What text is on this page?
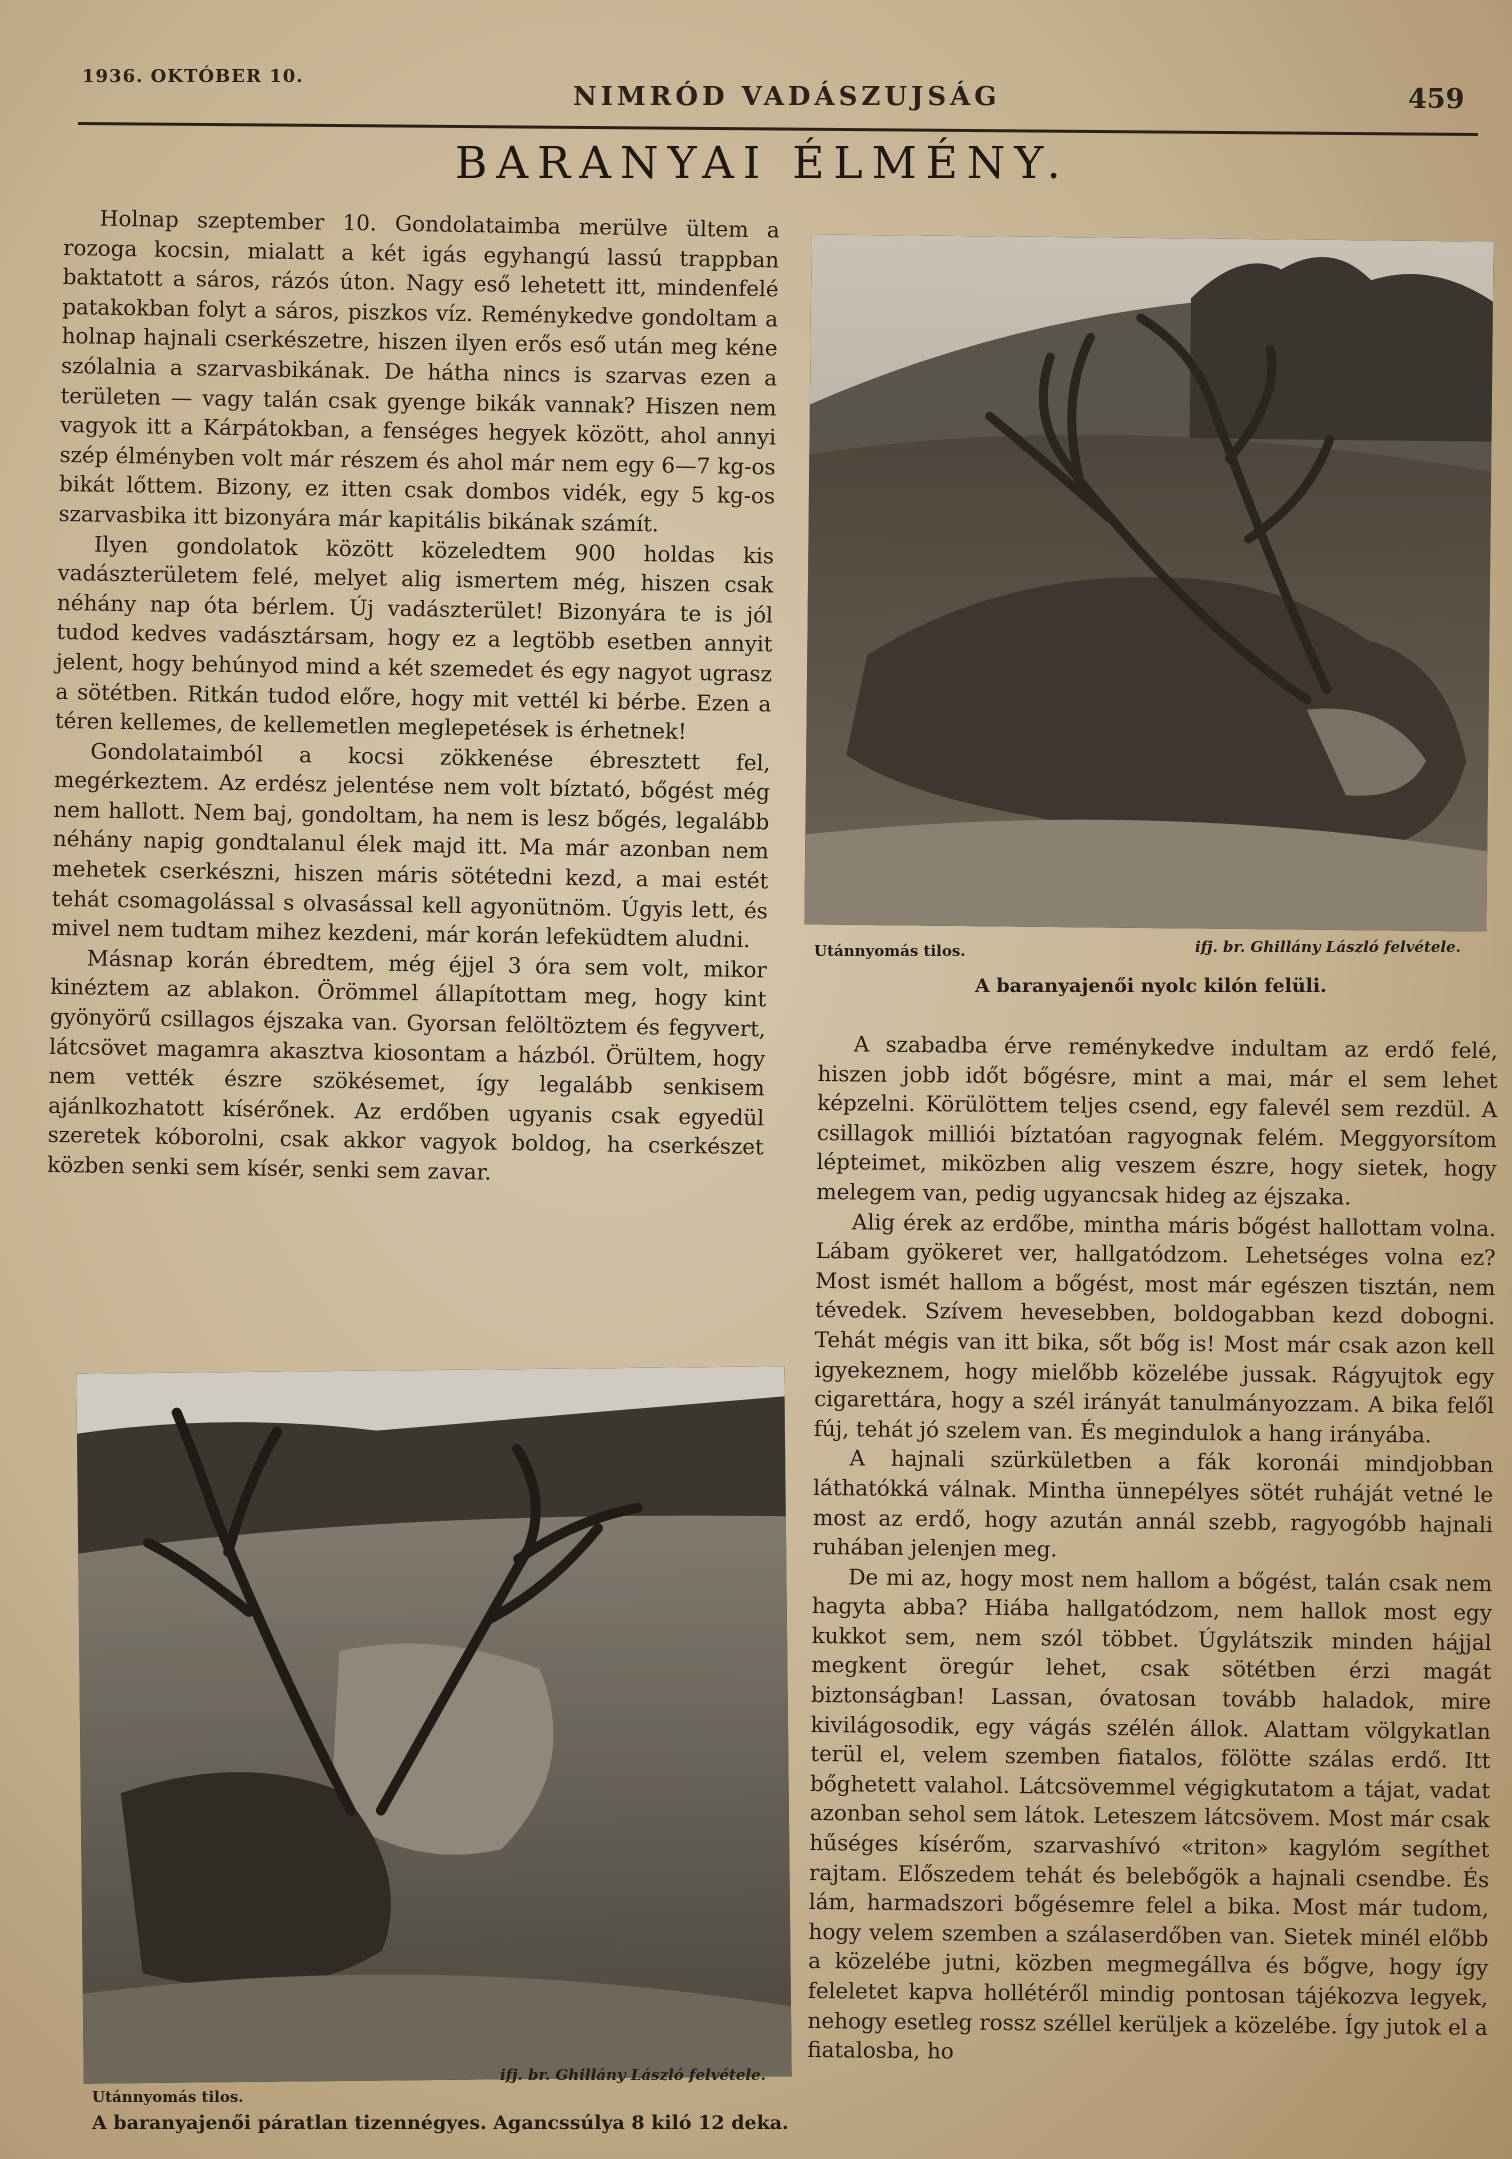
1936. OKTÓBER 10.
NIMRÓD VADÁSZUJSÁG	459
BARANYAI ÉLMÉNY.

Holnap szeptember 10. Gondolataimba merülve ültem a rozoga kocsin, mialatt a két igás egyhangú lassú trappban baktatott a sáros, rázós úton. Nagy eső lehetett itt, mindenfelé patakokban folyt a sáros, piszkos víz. Reménykedve gondoltam a holnap hajnali cserkészetre, hiszen ilyen erős eső után meg kéne szólalnia a szarvasbikának. De hátha nincs is szarvas ezen a területen — vagy talán csak gyenge bikák vannak? Hiszen nem vagyok itt a Kárpátokban, a fenséges hegyek között, ahol annyi szép élményben volt már részem és ahol már nem egy 6—7 kg-os bikát lőttem. Bizony, ez itten csak dombos vidék, egy 5 kg-os szarvasbika itt bizonyára már kapitális bikának számít.

Ilyen gondolatok között közeledtem 900 holdas kis vadászterületem felé, melyet alig ismertem még, hiszen csak néhány nap óta bérlem. Új vadászterület! Bizonyára te is jól tudod kedves vadásztársam, hogy ez a legtöbb esetben annyit jelent, hogy behúnyod mind a két szemedet és egy nagyot ugrasz a sötétben. Ritkán tudod előre, hogy mit vettél ki bérbe. Ezen a téren kellemes, de kellemetlen meglepetések is érhetnek!

Gondolataimból a kocsi zökkenése ébresztett fel, megérkeztem. Az erdész jelentése nem volt bíztató, bőgést még nem hallott. Nem baj, gondoltam, ha nem is lesz bőgés, legalább néhány napig gondtalanul élek majd itt. Ma már azonban nem mehetek cserkészni, hiszen máris sötétedni kezd, a mai estét tehát csomagolással s olvasással kell agyonütnöm. Úgyis lett, és mivel nem tudtam mihez kezdeni, már korán lefeküdtem aludni.

Másnap korán ébredtem, még éjjel 3 óra sem volt, mikor kinéztem az ablakon. Örömmel állapítottam meg, hogy kint gyönyörű csillagos éjszaka van. Gyorsan felöltöztem és fegyvert, látcsövet magamra akasztva kiosontam a házból. Örültem, hogy nem vették észre szökésemet, így legalább senkisem ajánlkozhatott kísérőnek. Az erdőben ugyanis csak egyedül szeretek kóborolni, csak akkor vagyok boldog, ha cserkészet közben senki sem kísér, senki sem zavar.

Utánnyomás tilos.	ifj. br. Ghillány László felvétele.
A baranyajenői nyolc kilón felüli.

A szabadba érve reménykedve indultam az erdő felé, hiszen jobb időt bőgésre, mint a mai, már el sem lehet képzelni. Körülöttem teljes csend, egy falevél sem rezdül. A csillagok milliói bíztatóan ragyognak felém. Meggyorsítom lépteimet, miközben alig veszem észre, hogy sietek, hogy melegem van, pedig ugyancsak hideg az éjszaka.

Alig érek az erdőbe, mintha máris bőgést hallottam volna. Lábam gyökeret ver, hallgatódzom. Lehetséges volna ez? Most ismét hallom a bőgést, most már egészen tisztán, nem tévedek. Szívem hevesebben, boldogabban kezd dobogni. Tehát mégis van itt bika, sőt bőg is! Most már csak azon kell igyekeznem, hogy mielőbb közelébe jussak. Rágyujtok egy cigarettára, hogy a szél irányát tanulmányozzam. A bika felől fúj, tehát jó szelem van. És megindulok a hang irányába.

A hajnali szürkületben a fák koronái mindjobban láthatókká válnak. Mintha ünnepélyes sötét ruháját vetné le most az erdő, hogy azután annál szebb, ragyogóbb hajnali ruhában jelenjen meg.

De mi az, hogy most nem hallom a bőgést, talán csak nem hagyta abba? Hiába hallgatódzom, nem hallok most egy kukkot sem, nem szól többet. Úgylátszik minden hájjal megkent öregúr lehet, csak sötétben érzi magát biztonságban! Lassan, óvatosan tovább haladok, mire kivilágosodik, egy vágás szélén állok. Alattam völgykatlan terül el, velem szemben fiatalos, fölötte szálas erdő. Itt bőghetett valahol. Látcsövemmel végigkutatom a tájat, vadat azonban sehol sem látok. Leteszem látcsövem. Most már csak hűséges kísérőm, szarvashívó «triton» kagylóm segíthet rajtam. Előszedem tehát és belebőgök a hajnali csendbe. És lám, harmadszori bőgésemre felel a bika. Most már tudom, hogy velem szemben a szálaserdőben van. Sietek minél előbb a közelébe jutni, közben megmegállva és bőgve, hogy így feleletet kapva hollétéről mindig pontosan tájékozva legyek, nehogy esetleg rossz széllel kerüljek a közelébe. Így jutok el a fiatalosba, ho

Utánnyomás tilos.
ifj. br. Ghillány László felvétele.
A baranyajenői páratlan tizennégyes. Agancssúlya 8 kiló 12 deka.
